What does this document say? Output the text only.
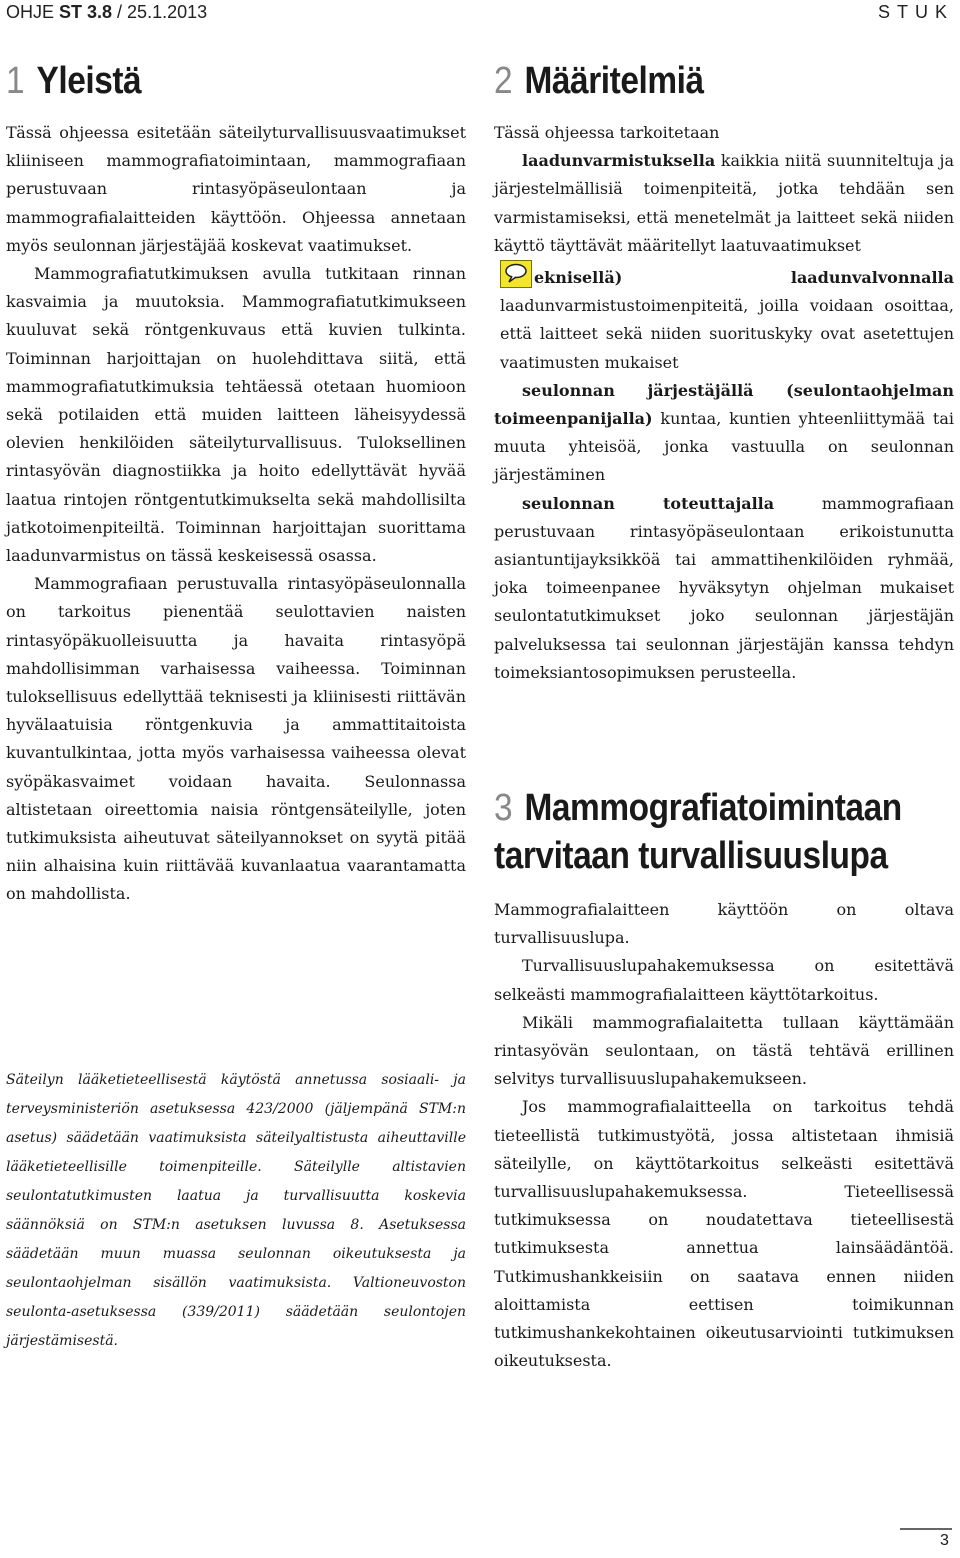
OHJE ST 3.8 / 25.1.2013	STUK
1 Yleistä

Tässä ohjeessa esitetään säteilyturvallisuusvaatimukset kliiniseen mammografiatoimintaan, mammografiaan perustuvaan rintasyöpäseulontaan ja mammografialaitteiden käyttöön. Ohjeessa annetaan myös seulonnan järjestäjää koskevat vaatimukset.

Mammografiatutkimuksen avulla tutkitaan rinnan kasvaimia ja muutoksia. Mammografiatutkimukseen kuuluvat sekä röntgenkuvaus että kuvien tulkinta. Toiminnan harjoittajan on huolehdittava siitä, että mammografiatutkimuksia tehtäessä otetaan huomioon sekä potilaiden että muiden laitteen läheisyydessä olevien henkilöiden säteilyturvallisuus. Tuloksellinen rintasyövän diagnostiikka ja hoito edellyttävät hyvää laatua rintojen röntgentutkimukselta sekä mahdollisilta jatkotoimenpiteiltä. Toiminnan harjoittajan suorittama laadunvarmistus on tässä keskeisessä osassa.

Mammografiaan perustuvalla rintasyöpäseulonnalla on tarkoitus pienentää seulottavien naisten rintasyöpäkuolleisuutta ja havaita rintasyöpä mahdollisimman varhaisessa vaiheessa. Toiminnan tuloksellisuus edellyttää teknisesti ja kliinisesti riittävän hyvälaatuisia röntgenkuvia ja ammattitaitoista kuvantulkintaa, jotta myös varhaisessa vaiheessa olevat syöpäkasvaimet voidaan havaita. Seulonnassa altistetaan oireettomia naisia röntgensäteilylle, joten tutkimuksista aiheutuvat säteilyannokset on syytä pitää niin alhaisina kuin riittävää kuvanlaatua vaarantamatta on mahdollista.

Säteilyn lääketieteellisestä käytöstä annetussa sosiaali- ja terveysministeriön asetuksessa 423/2000 (jäljempänä STM:n asetus) säädetään vaatimuksista säteilyaltistusta aiheuttaville lääketieteellisille toimenpiteille. Säteilylle altistavien seulontatutkimusten laatua ja turvallisuutta koskevia säännöksiä on STM:n asetuksen luvussa 8. Asetuksessa säädetään muun muassa seulonnan oikeutuksesta ja seulontaohjelman sisällön vaatimuksista. Valtioneuvoston seulonta-asetuksessa (339/2011) säädetään seulontojen järjestämisestä.

2 Määritelmiä

Tässä ohjeessa tarkoitetaan

laadunvarmistuksella kaikkia niitä suunniteltuja ja järjestelmällisiä toimenpiteitä, jotka tehdään sen varmistamiseksi, että menetelmät ja laitteet sekä niiden käyttö täyttävät määritellyt laatuvaatimukset

eknisellä) laadunvalvonnalla laadunvarmistustoimenpiteitä, joilla voidaan osoittaa, että laitteet sekä niiden suorituskyky ovat asetettujen vaatimusten mukaiset

seulonnan järjestäjällä (seulontaohjelman toimeenpanijalla) kuntaa, kuntien yhteenliittymää tai muuta yhteisöä, jonka vastuulla on seulonnan järjestäminen

seulonnan toteuttajalla mammografiaan perustuvaan rintasyöpäseulontaan erikoistunutta asiantuntijayksikköä tai ammattihenkilöiden ryhmää, joka toimeenpanee hyväksytyn ohjelman mukaiset seulontatutkimukset joko seulonnan järjestäjän palveluksessa tai seulonnan järjestäjän kanssa tehdyn toimeksiantosopimuksen perusteella.

3 Mammografiatoimintaan tarvitaan turvallisuuslupa

Mammografialaitteen käyttöön on oltava turvallisuuslupa.

Turvallisuuslupahakemuksessa on esitettävä selkeästi mammografialaitteen käyttötarkoitus.

Mikäli mammografialaitetta tullaan käyttämään rintasyövän seulontaan, on tästä tehtävä erillinen selvitys turvallisuuslupahakemukseen.

Jos mammografialaitteella on tarkoitus tehdä tieteellistä tutkimustyötä, jossa altistetaan ihmisiä säteilylle, on käyttötarkoitus selkeästi esitettävä turvallisuuslupahakemuksessa. Tieteellisessä tutkimuksessa on noudatettava tieteellisestä tutkimuksesta annettua lainsäädäntöä. Tutkimushankkeisiin on saatava ennen niiden aloittamista eettisen toimikunnan tutkimushankekohtainen oikeutusarviointi tutkimuksen oikeutuksesta.

3
